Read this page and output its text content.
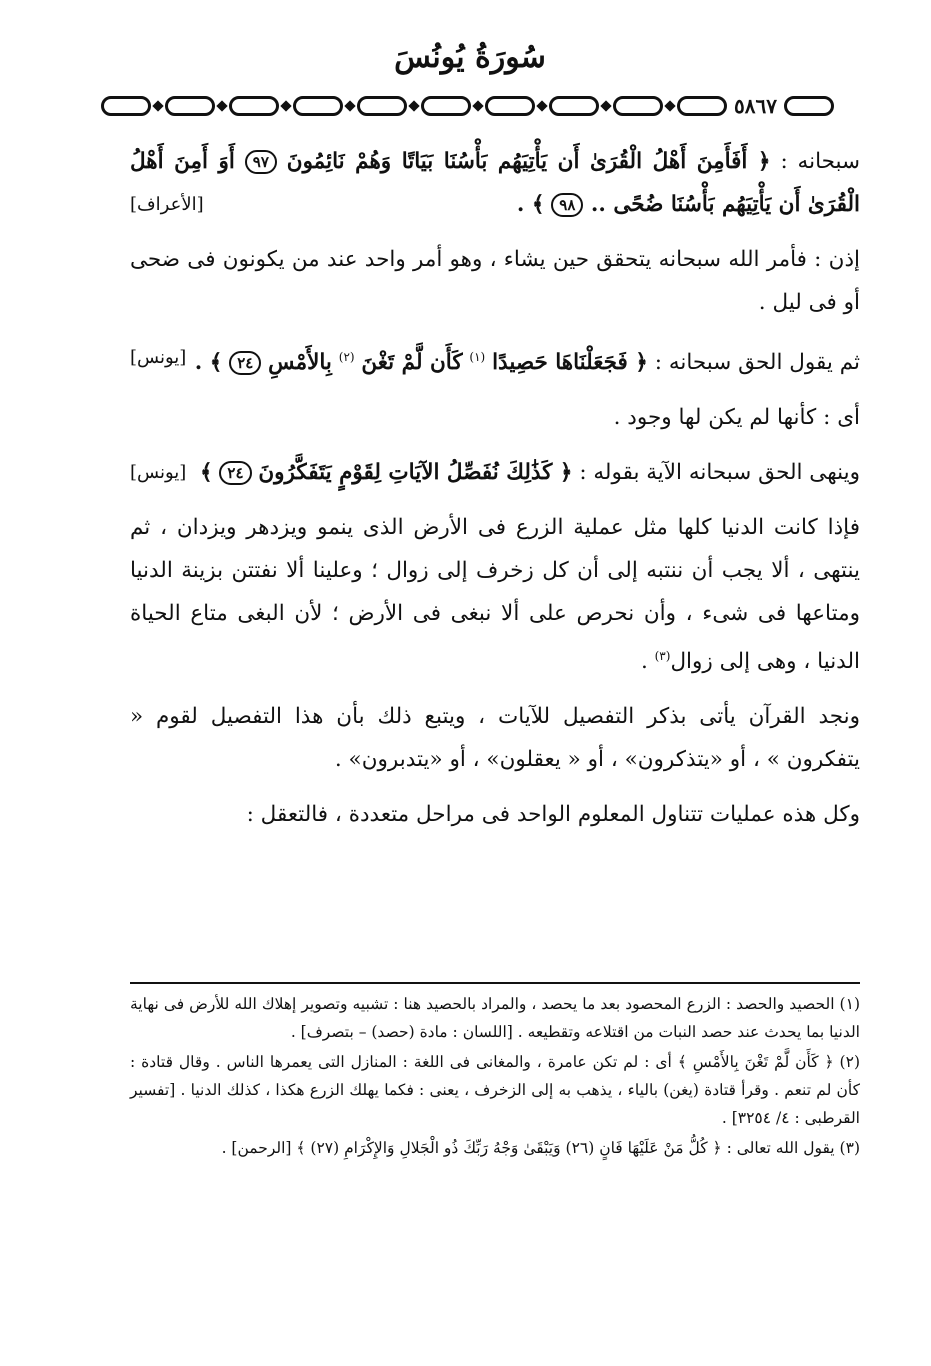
سُورَةُ يُونُسَ
٥٨٦٧

سبحانه : ﴿ أَفَأَمِنَ أَهْلُ الْقُرَىٰ أَن يَأْتِيَهُم بَأْسُنَا بَيَاتًا وَهُمْ نَائِمُونَ ٩٧ أَوَ أَمِنَ أَهْلُ الْقُرَىٰ أَن يَأْتِيَهُم بَأْسُنَا ضُحًى .. ٩٨ ﴾ .
[الأعراف]

إذن : فأمر الله سبحانه يتحقق حين يشاء ، وهو أمر واحد عند من يكونون فى ضحى أو فى ليل .

ثم يقول الحق سبحانه : ﴿ فَجَعَلْنَاهَا حَصِيدًا $^{(١)}$ كَأَن لَّمْ تَغْنَ $^{(٢)}$ بِالأَمْسِ ٢٤ ﴾ .
[يونس]

أى : كأنها لم يكن لها وجود .

وينهى الحق سبحانه الآية بقوله : ﴿ كَذَٰلِكَ نُفَصِّلُ الآيَاتِ لِقَوْمٍ يَتَفَكَّرُونَ ٢٤ ﴾
[يونس]

فإذا كانت الدنيا كلها مثل عملية الزرع فى الأرض الذى ينمو ويزدهر ويزدان ، ثم ينتهى ، ألا يجب أن ننتبه إلى أن كل زخرف إلى زوال ؛ وعلينا ألا نفتتن بزينة الدنيا ومتاعها فى شىء ، وأن نحرص على ألا نبغى فى الأرض ؛ لأن البغى متاع الحياة الدنيا ، وهى إلى زوال$^{(٣)}$ .

ونجد القرآن يأتى بذكر التفصيل للآيات ، ويتبع ذلك بأن هذا التفصيل لقوم « يتفكرون » ، أو «يتذكرون» ، أو « يعقلون» ، أو «يتدبرون» .

وكل هذه عمليات تتناول المعلوم الواحد فى مراحل متعددة ، فالتعقل :

(١) الحصيد والحصد : الزرع المحصود بعد ما يحصد ، والمراد بالحصيد هنا : تشبيه وتصوير إهلاك الله للأرض فى نهاية الدنيا بما يحدث عند حصد النبات من اقتلاعه وتقطيعه . [اللسان : مادة (حصد) – بتصرف] .

(٢) ﴿ كَأَن لَّمْ تَغْنَ بِالأَمْسِ ﴾ أى : لم تكن عامرة ، والمغانى فى اللغة : المنازل التى يعمرها الناس . وقال قتادة : كأن لم تنعم . وقرأ قتادة (يغن) بالياء ، يذهب به إلى الزخرف ، يعنى : فكما يهلك الزرع هكذا ، كذلك الدنيا . [تفسير القرطبى : ٤/ ٣٢٥٤] .

(٣) يقول الله تعالى : ﴿ كُلُّ مَنْ عَلَيْهَا فَانٍ (٢٦) وَيَبْقَىٰ وَجْهُ رَبِّكَ ذُو الْجَلالِ وَالإِكْرَامِ (٢٧) ﴾ [الرحمن] .
